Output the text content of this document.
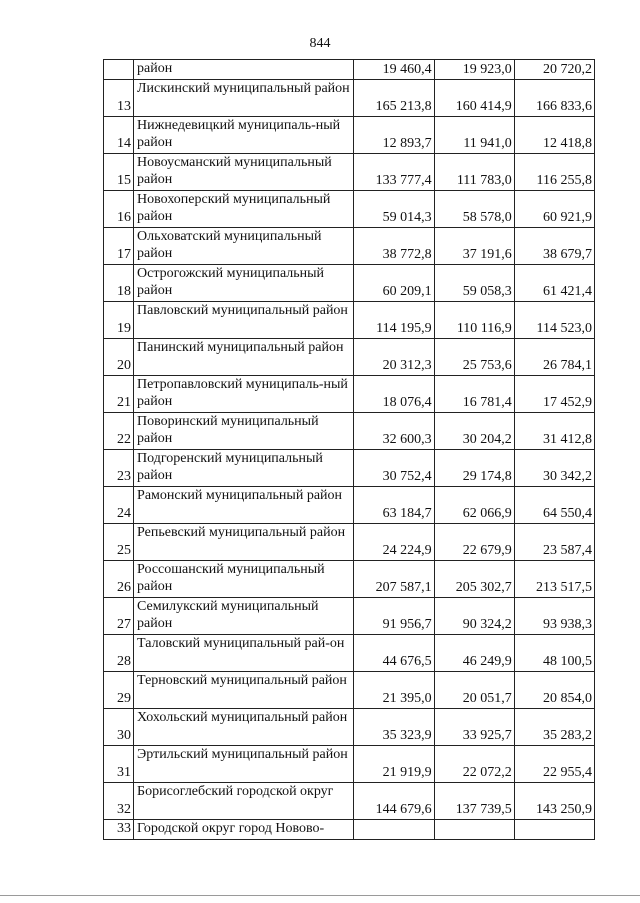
844
	район	19 460,4	19 923,0	20 720,2
13	Лискинский муниципальный район	165 213,8	160 414,9	166 833,6
14	Нижнедевицкий муниципаль-ный район	12 893,7	11 941,0	12 418,8
15	Новоусманский муниципальный район	133 777,4	111 783,0	116 255,8
16	Новохоперский муниципальный район	59 014,3	58 578,0	60 921,9
17	Ольховатский муниципальный район	38 772,8	37 191,6	38 679,7
18	Острогожский муниципальный район	60 209,1	59 058,3	61 421,4
19	Павловский муниципальный район	114 195,9	110 116,9	114 523,0
20	Панинский муниципальный район	20 312,3	25 753,6	26 784,1
21	Петропавловский муниципаль-ный район	18 076,4	16 781,4	17 452,9
22	Поворинский муниципальный район	32 600,3	30 204,2	31 412,8
23	Подгоренский муниципальный район	30 752,4	29 174,8	30 342,2
24	Рамонский муниципальный район	63 184,7	62 066,9	64 550,4
25	Репьевский муниципальный район	24 224,9	22 679,9	23 587,4
26	Россошанский муниципальный район	207 587,1	205 302,7	213 517,5
27	Семилукский муниципальный район	91 956,7	90 324,2	93 938,3
28	Таловский муниципальный рай-он	44 676,5	46 249,9	48 100,5
29	Терновский муниципальный район	21 395,0	20 051,7	20 854,0
30	Хохольский муниципальный район	35 323,9	33 925,7	35 283,2
31	Эртильский муниципальный район	21 919,9	22 072,2	22 955,4
32	Борисоглебский городской округ	144 679,6	137 739,5	143 250,9
33	Городской округ город Новово-			
